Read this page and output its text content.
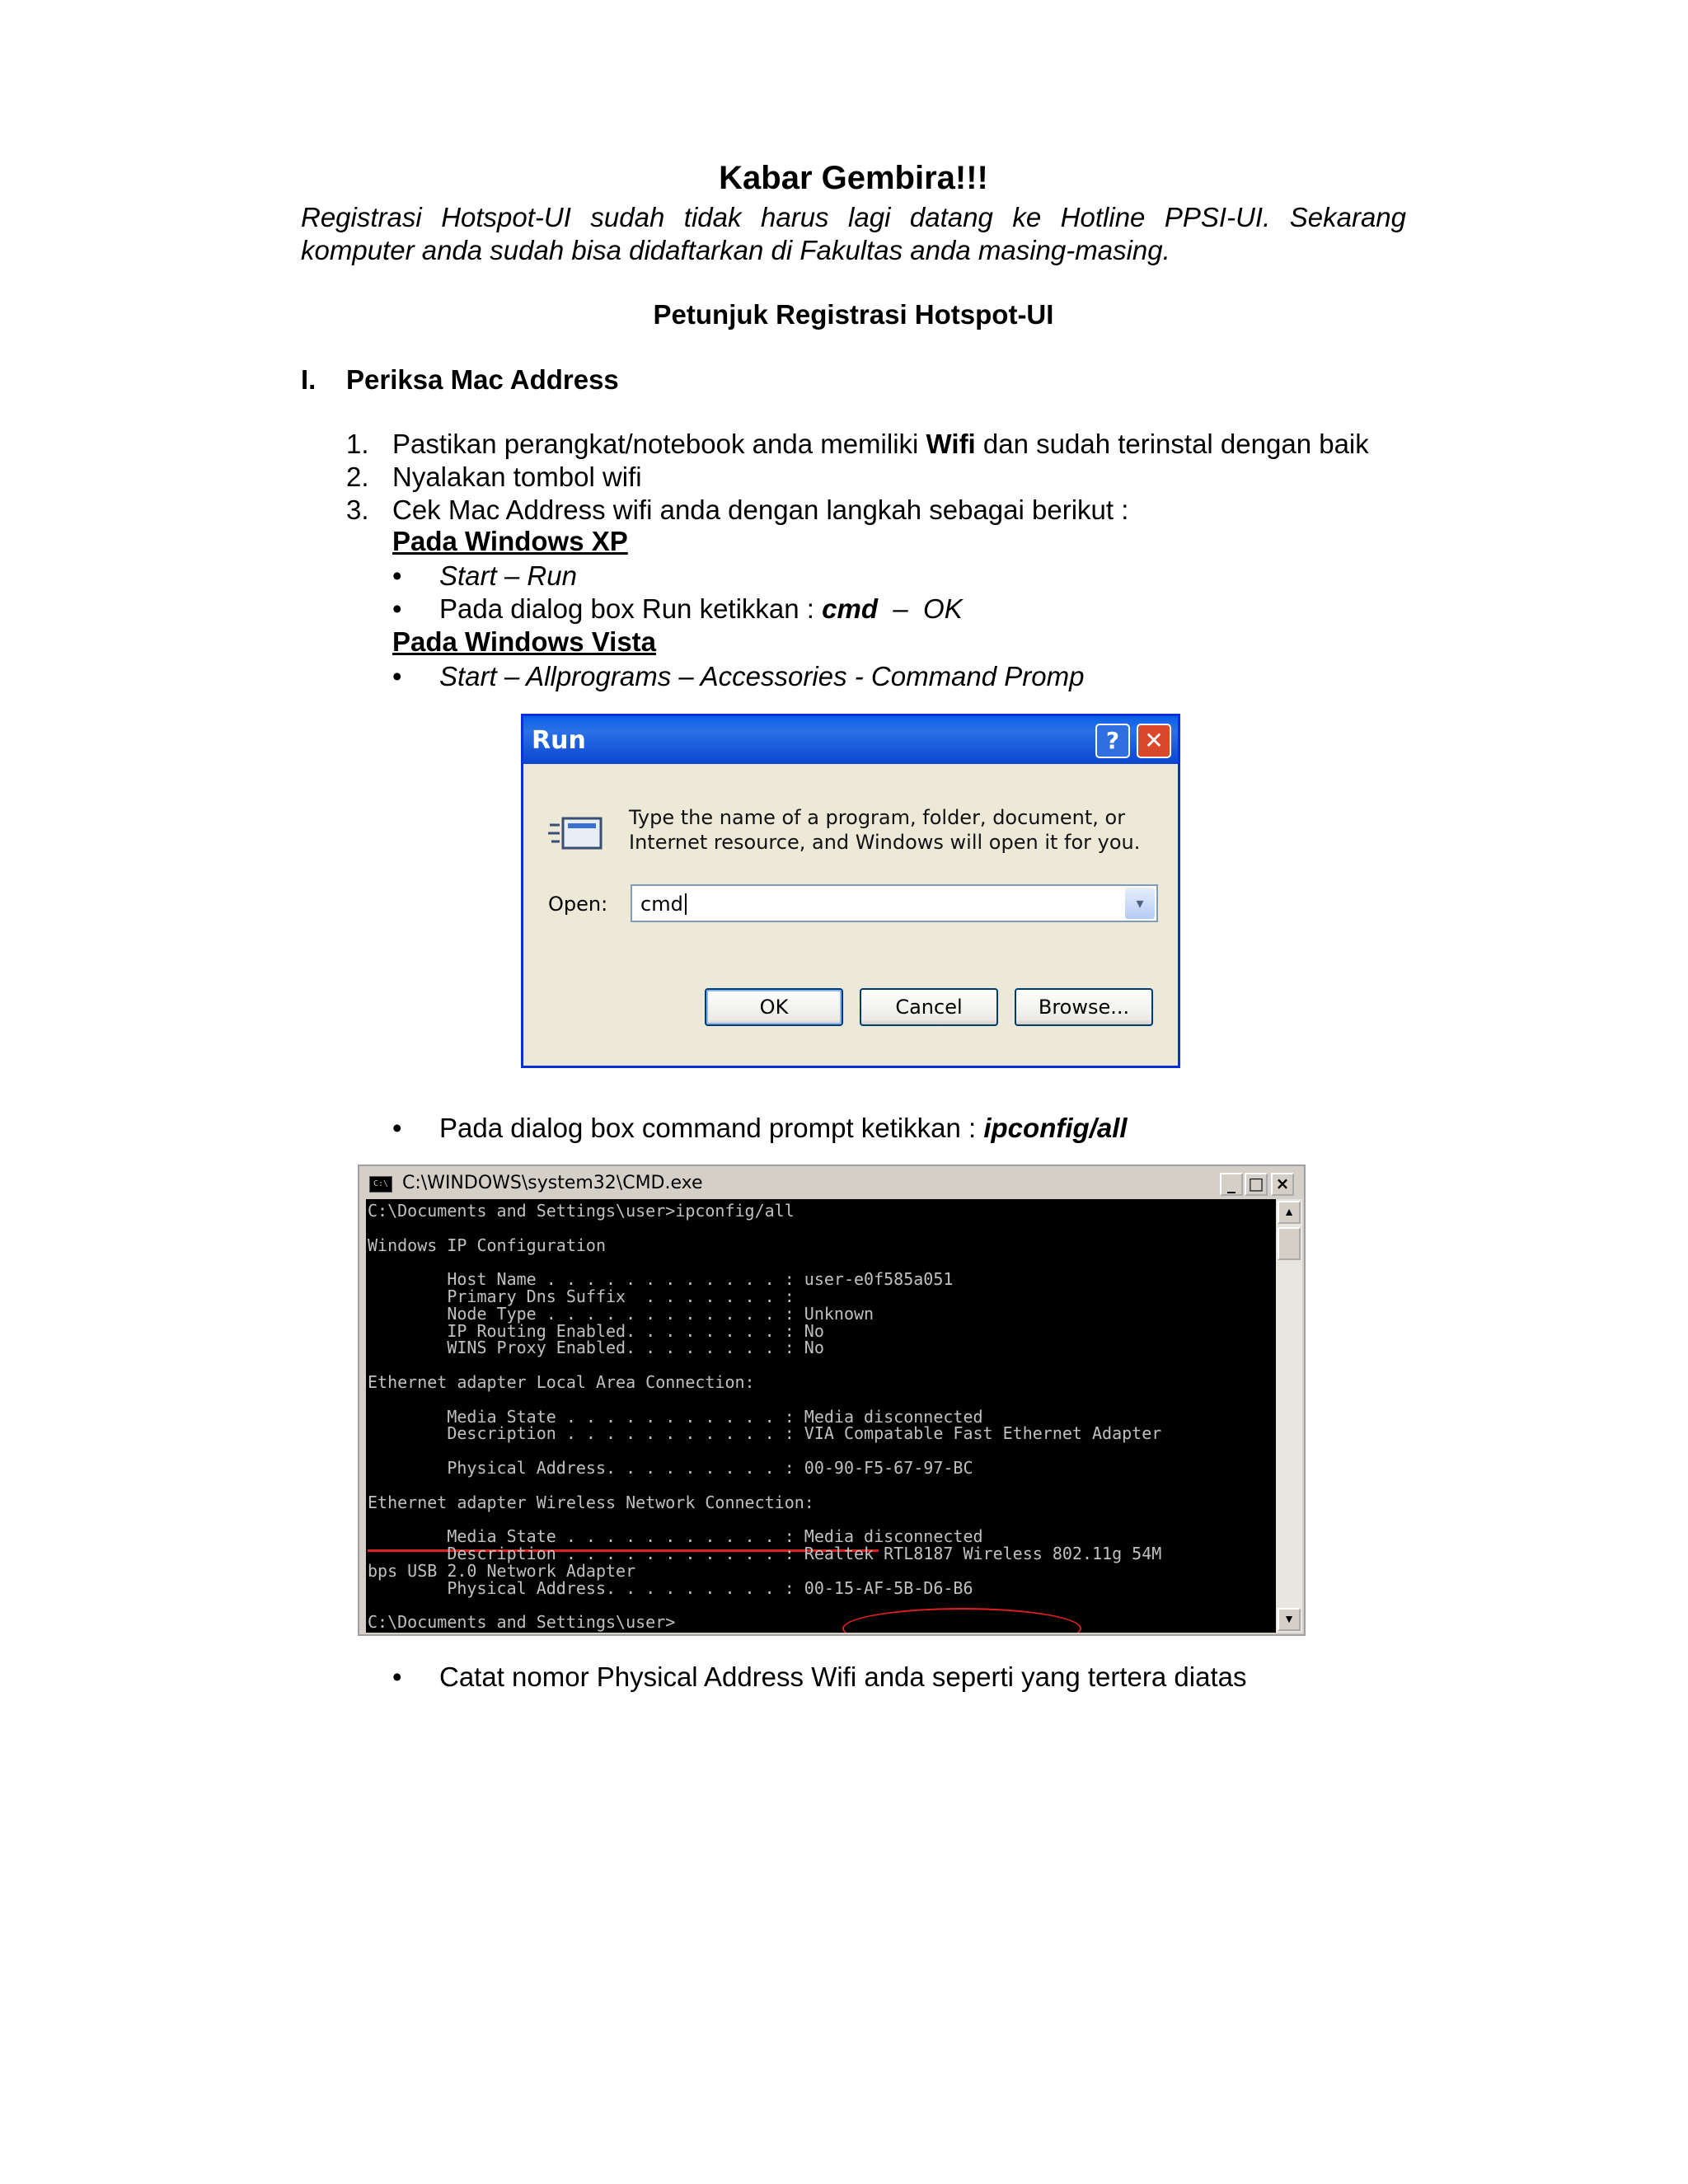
Kabar Gembira!!!
Registrasi Hotspot-UI sudah tidak harus lagi datang ke Hotline PPSI-UI. Sekarang
komputer anda sudah bisa didaftarkan di Fakultas anda masing-masing.
Petunjuk Registrasi Hotspot-UI
I. Periksa Mac Address
1. Pastikan perangkat/notebook anda memiliki Wifi dan sudah terinstal dengan baik
2. Nyalakan tombol wifi
3. Cek Mac Address wifi anda dengan langkah sebagai berikut :
Pada Windows XP
• Start – Run
• Pada dialog box Run ketikkan : cmd  –  OK
Pada Windows Vista
• Start – Allprograms – Accessories - Command Promp
Run	?	✕
Type the name of a program, folder, document, or
Internet resource, and Windows will open it for you.
Open: cmd	▾
OK	Cancel	Browse...
• Pada dialog box command prompt ketikkan : ipconfig/all
C:\ C:\WINDOWS\system32\CMD.exe	_ □ ×
C:\Documents and Settings\user>ipconfig/all
Windows IP Configuration
Host Name . . . . . . . . . . . . : user-e0f585a051
Primary Dns Suffix  . . . . . . . :
Node Type . . . . . . . . . . . . : Unknown
IP Routing Enabled. . . . . . . . : No
WINS Proxy Enabled. . . . . . . . : No
Ethernet adapter Local Area Connection:
Media State . . . . . . . . . . . : Media disconnected
Description . . . . . . . . . . . : VIA Compatable Fast Ethernet Adapter
Physical Address. . . . . . . . . : 00-90-F5-67-97-BC
Ethernet adapter Wireless Network Connection:
Media State . . . . . . . . . . . : Media disconnected
Description . . . . . . . . . . . : Realtek RTL8187 Wireless 802.11g 54M
bps USB 2.0 Network Adapter
Physical Address. . . . . . . . . : 00-15-AF-5B-D6-B6
C:\Documents and Settings\user>
▲
▼
• Catat nomor Physical Address Wifi anda seperti yang tertera diatas
